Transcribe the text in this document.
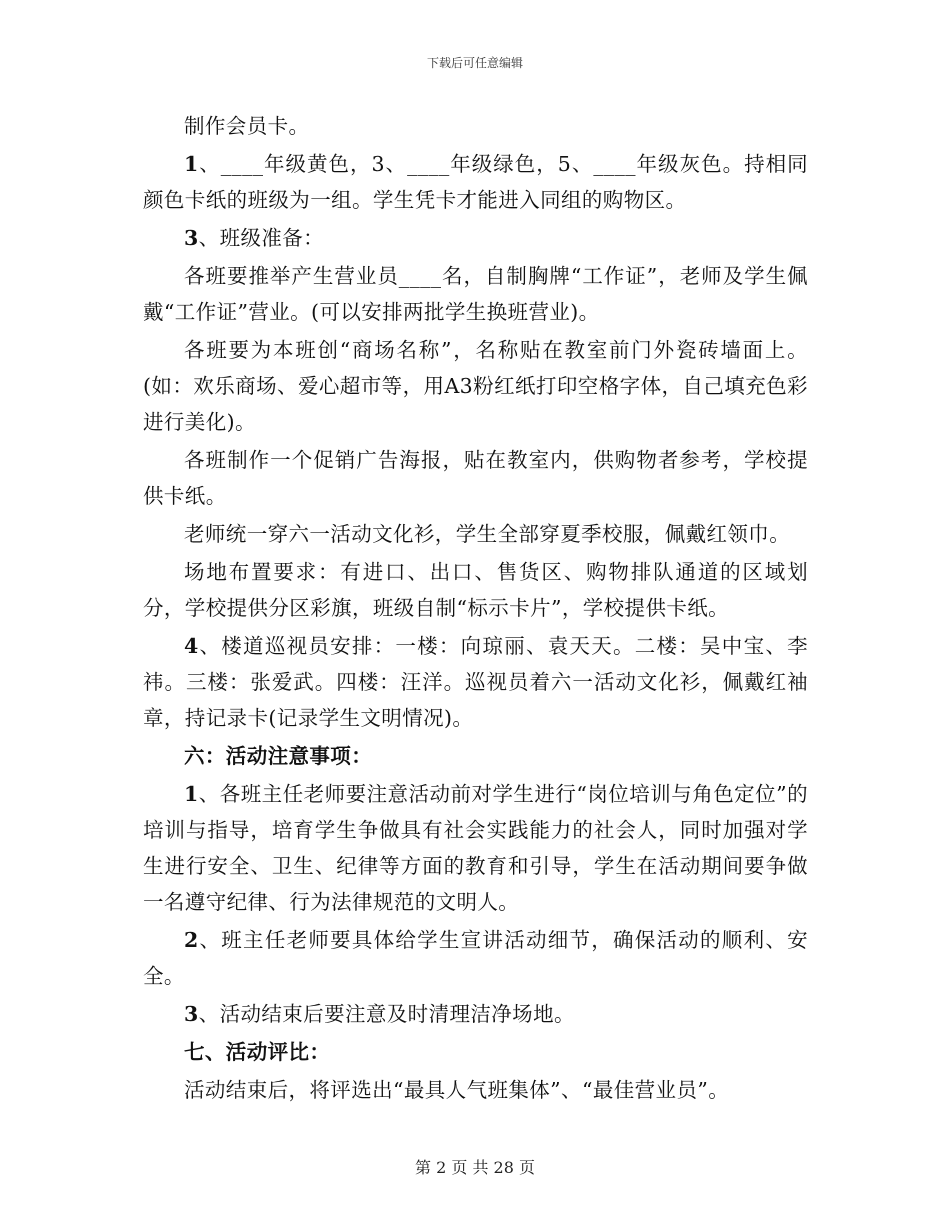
下载后可任意编辑

制作会员卡。

1、____年级黄色，3、____年级绿色，5、____年级灰色。持相同颜色卡纸的班级为一组。学生凭卡才能进入同组的购物区。

3、班级准备：

各班要推举产生营业员____名，自制胸牌“工作证”，老师及学生佩戴“工作证”营业。(可以安排两批学生换班营业)。

各班要为本班创“商场名称”，名称贴在教室前门外瓷砖墙面上。(如：欢乐商场、爱心超市等，用A3粉红纸打印空格字体，自己填充色彩进行美化)。

各班制作一个促销广告海报，贴在教室内，供购物者参考，学校提供卡纸。

老师统一穿六一活动文化衫，学生全部穿夏季校服，佩戴红领巾。

场地布置要求：有进口、出口、售货区、购物排队通道的区域划分，学校提供分区彩旗，班级自制“标示卡片”，学校提供卡纸。

4、楼道巡视员安排：一楼：向琼丽、袁天天。二楼：吴中宝、李祎。三楼：张爱武。四楼：汪洋。巡视员着六一活动文化衫，佩戴红袖章，持记录卡(记录学生文明情况)。

六：活动注意事项：

1、各班主任老师要注意活动前对学生进行“岗位培训与角色定位”的培训与指导，培育学生争做具有社会实践能力的社会人，同时加强对学生进行安全、卫生、纪律等方面的教育和引导，学生在活动期间要争做一名遵守纪律、行为法律规范的文明人。

2、班主任老师要具体给学生宣讲活动细节，确保活动的顺利、安全。

3、活动结束后要注意及时清理洁净场地。

七、活动评比：

活动结束后，将评选出“最具人气班集体”、“最佳营业员”。

第 2 页 共 28 页
